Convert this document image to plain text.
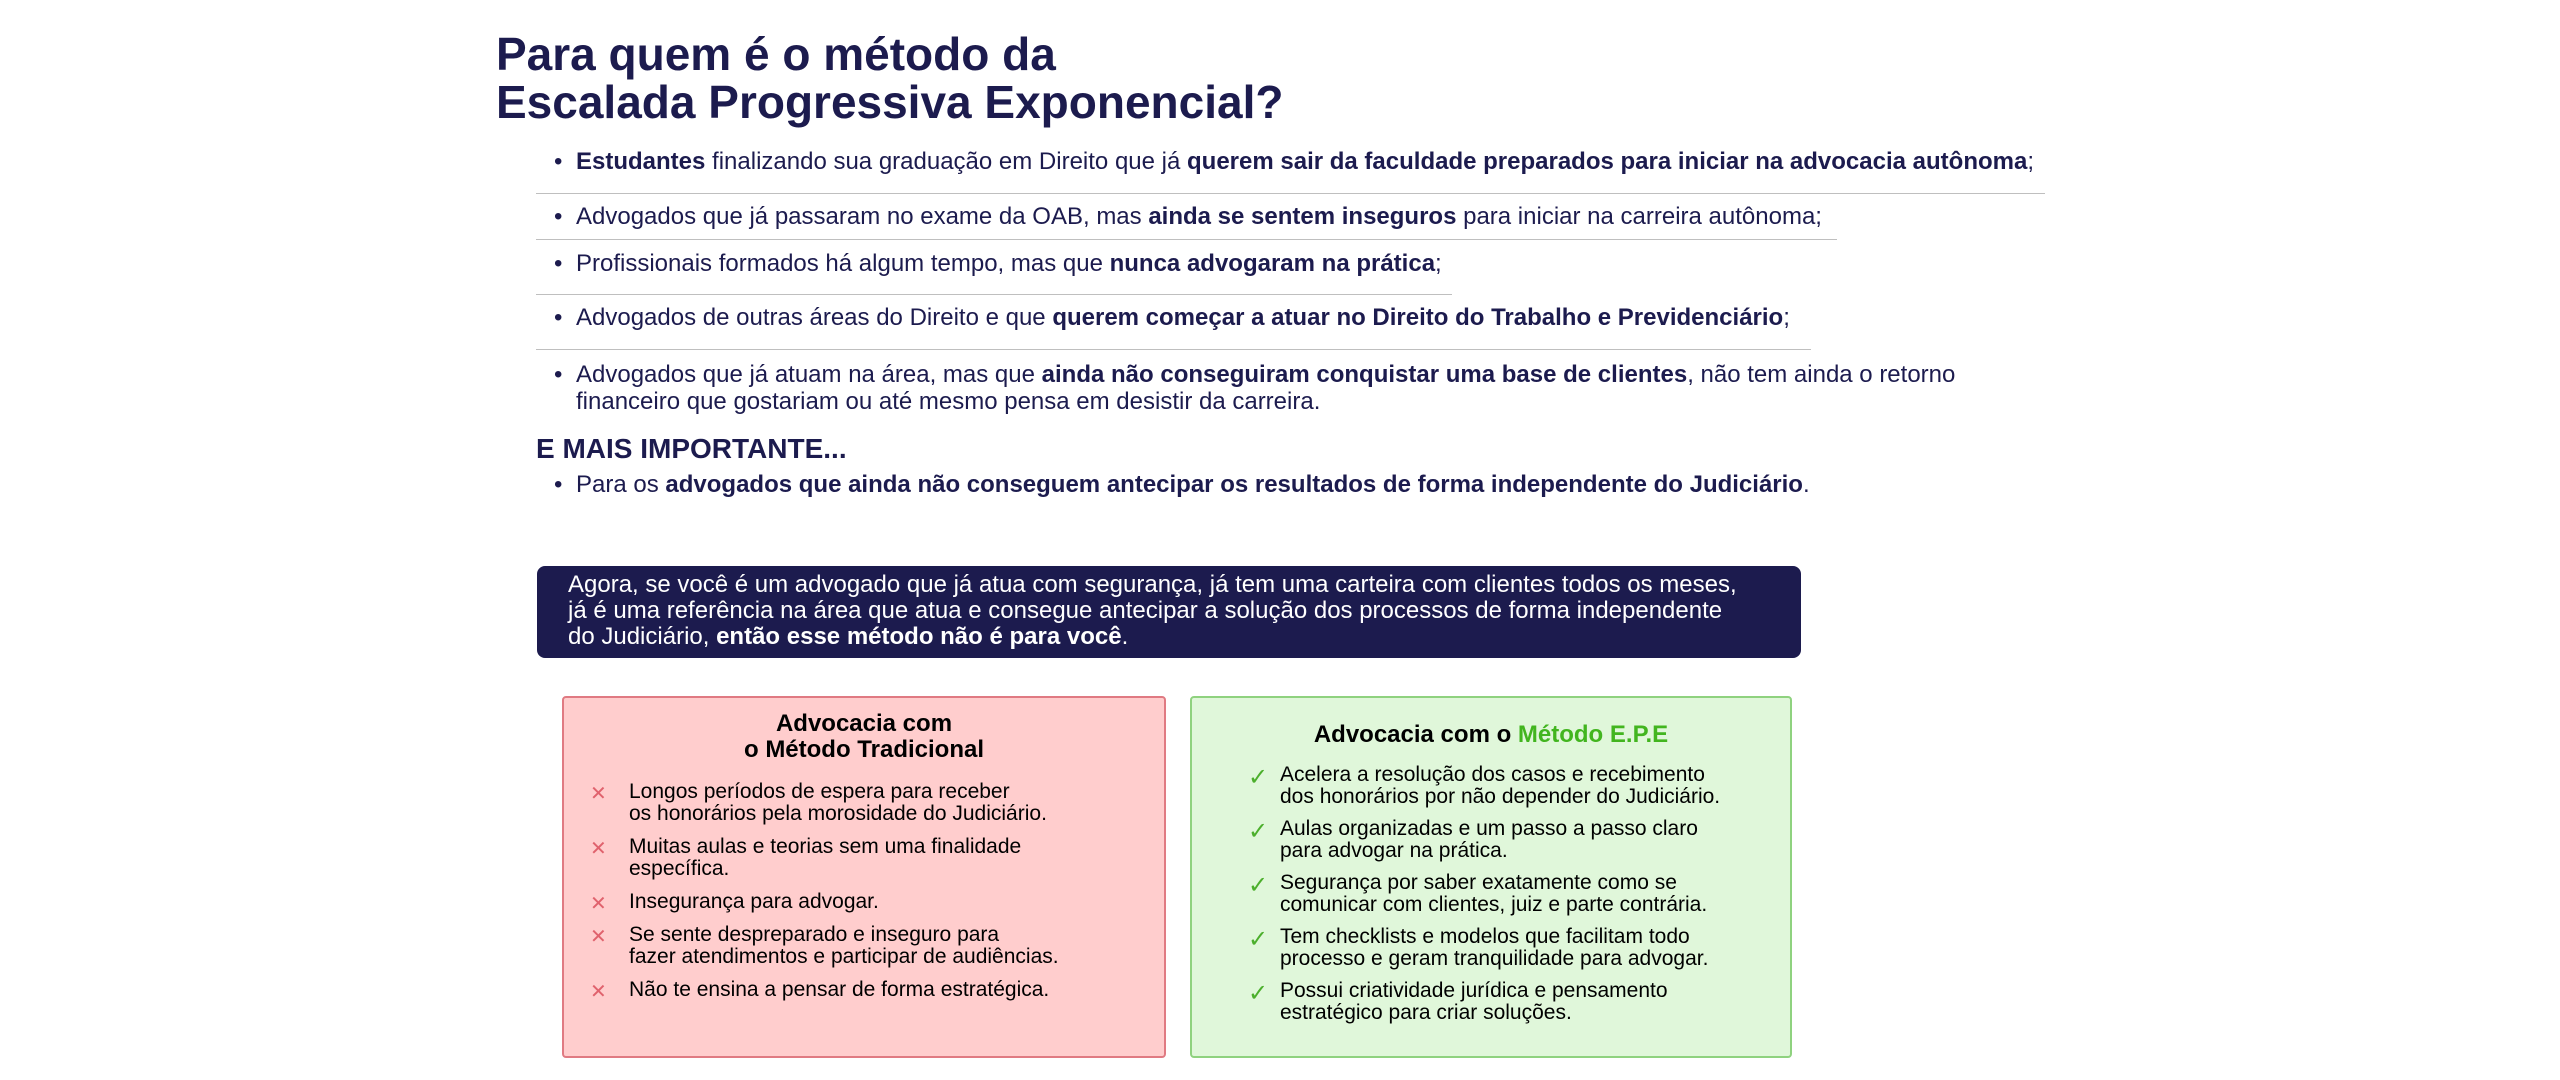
Para quem é o método da
Escalada Progressiva Exponencial?
• Estudantes finalizando sua graduação em Direito que já querem sair da faculdade preparados para iniciar na advocacia autônoma;
• Advogados que já passaram no exame da OAB, mas ainda se sentem inseguros para iniciar na carreira autônoma;
• Profissionais formados há algum tempo, mas que nunca advogaram na prática;
• Advogados de outras áreas do Direito e que querem começar a atuar no Direito do Trabalho e Previdenciário;
• Advogados que já atuam na área, mas que ainda não conseguiram conquistar uma base de clientes, não tem ainda o retorno
financeiro que gostariam ou até mesmo pensa em desistir da carreira.
E MAIS IMPORTANTE...
• Para os advogados que ainda não conseguem antecipar os resultados de forma independente do Judiciário.
Agora, se você é um advogado que já atua com segurança, já tem uma carteira com clientes todos os meses,
já é uma referência na área que atua e consegue antecipar a solução dos processos de forma independente
do Judiciário, então esse método não é para você.
Advocacia com
o Método Tradicional
✕ Longos períodos de espera para receber
os honorários pela morosidade do Judiciário.
✕ Muitas aulas e teorias sem uma finalidade
específica.
✕ Insegurança para advogar.
✕ Se sente despreparado e inseguro para
fazer atendimentos e participar de audiências.
✕ Não te ensina a pensar de forma estratégica.
Advocacia com o Método E.P.E
✓ Acelera a resolução dos casos e recebimento
dos honorários por não depender do Judiciário.
✓ Aulas organizadas e um passo a passo claro
para advogar na prática.
✓ Segurança por saber exatamente como se
comunicar com clientes, juiz e parte contrária.
✓ Tem checklists e modelos que facilitam todo
processo e geram tranquilidade para advogar.
✓ Possui criatividade jurídica e pensamento
estratégico para criar soluções.
